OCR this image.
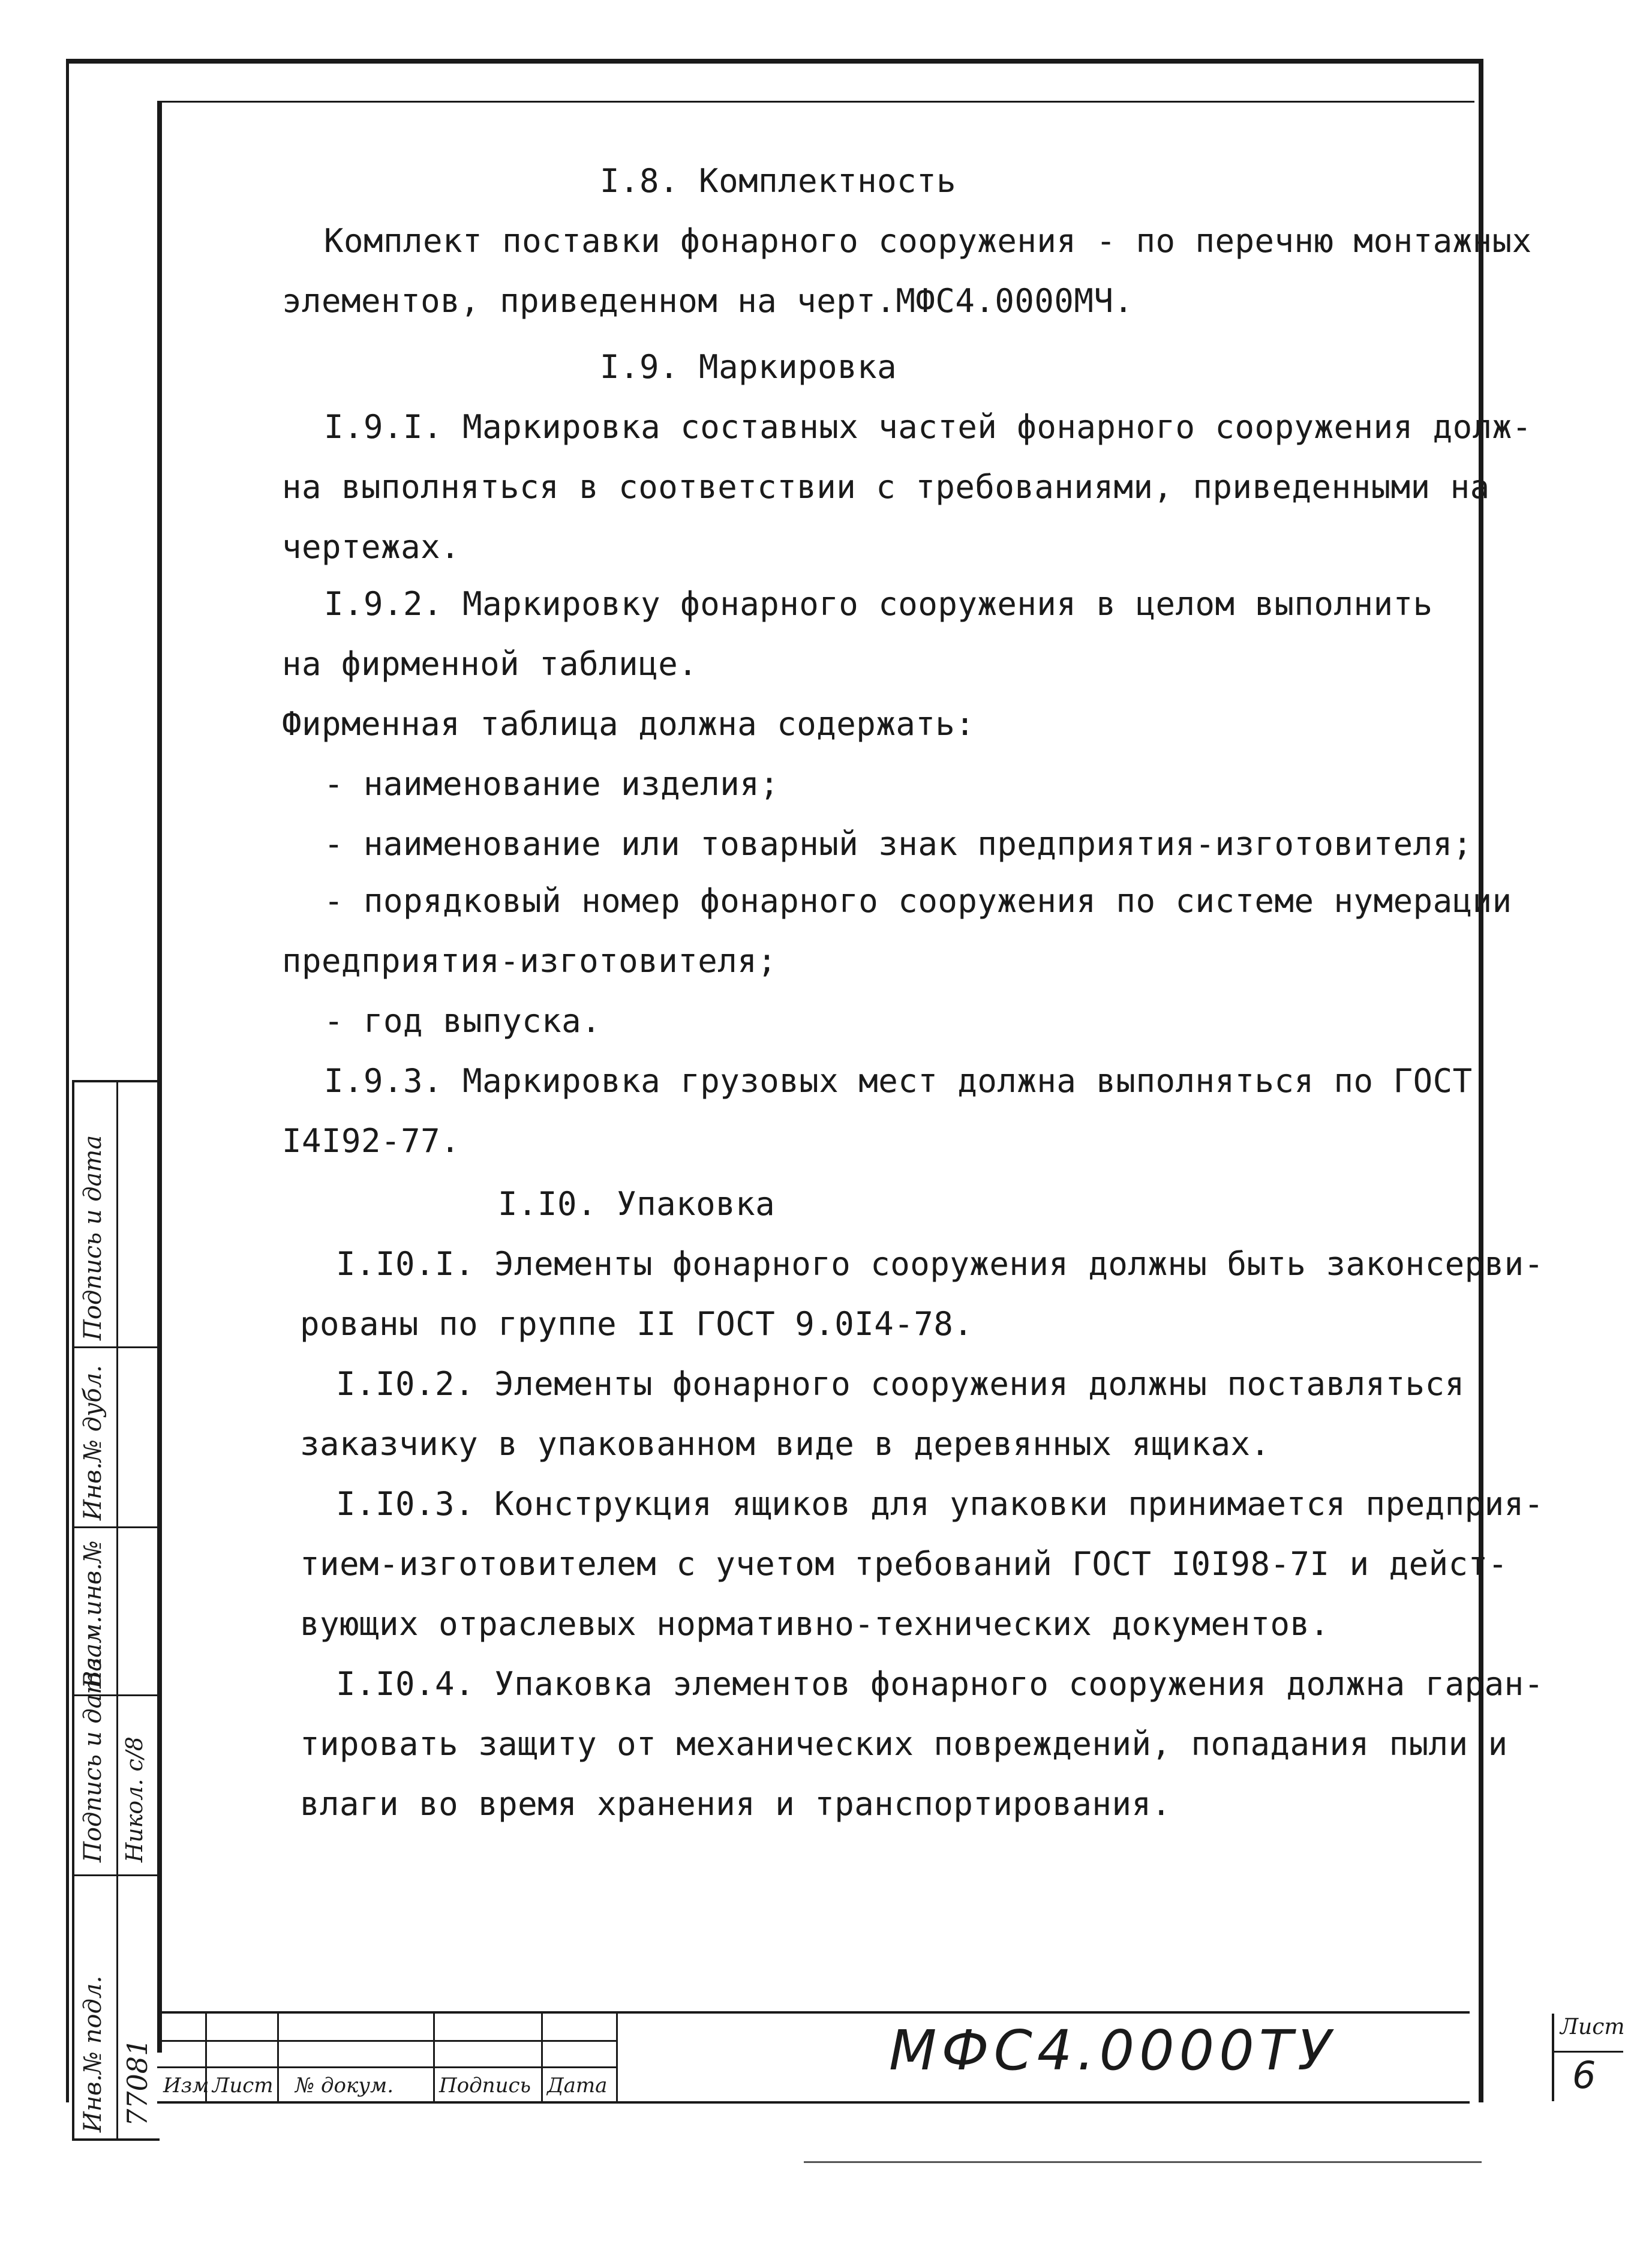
I.8. Комплектность
Комплект поставки фонарного сооружения - по перечню монтажных
элементов, приведенном на черт.МФС4.0000МЧ.
I.9. Маркировка
I.9.I. Маркировка составных частей фонарного сооружения долж-
на выполняться в соответствии с требованиями, приведенными на
чертежах.
I.9.2. Маркировку фонарного сооружения в целом выполнить
на фирменной таблице.
Фирменная таблица должна содержать:
- наименование изделия;
- наименование или товарный знак предприятия-изготовителя;
- порядковый номер фонарного сооружения по системе нумерации
предприятия-изготовителя;
- год выпуска.
I.9.3. Маркировка грузовых мест должна выполняться по ГОСТ
I4I92-77.
I.I0. Упаковка
I.I0.I. Элементы фонарного сооружения должны быть законсерви-
рованы по группе II ГОСТ 9.0I4-78.
I.I0.2. Элементы фонарного сооружения должны поставляться
заказчику в упакованном виде в деревянных ящиках.
I.I0.3. Конструкция ящиков для упаковки принимается предприя-
тием-изготовителем с учетом требований ГОСТ I0I98-7I и дейст-
вующих отраслевых нормативно-технических документов.
I.I0.4. Упаковка элементов фонарного сооружения должна гаран-
тировать защиту от механических повреждений, попадания пыли и
влаги во время хранения и транспортирования.
Инв.№ подл.
Подпись и дата
Взам.инв.№
Инв.№ дубл.
Подпись и дата
77081
Никол. с/8
Изм Лист № докум. Подпись Дата
МФС4.0000ТУ	Лист
6
